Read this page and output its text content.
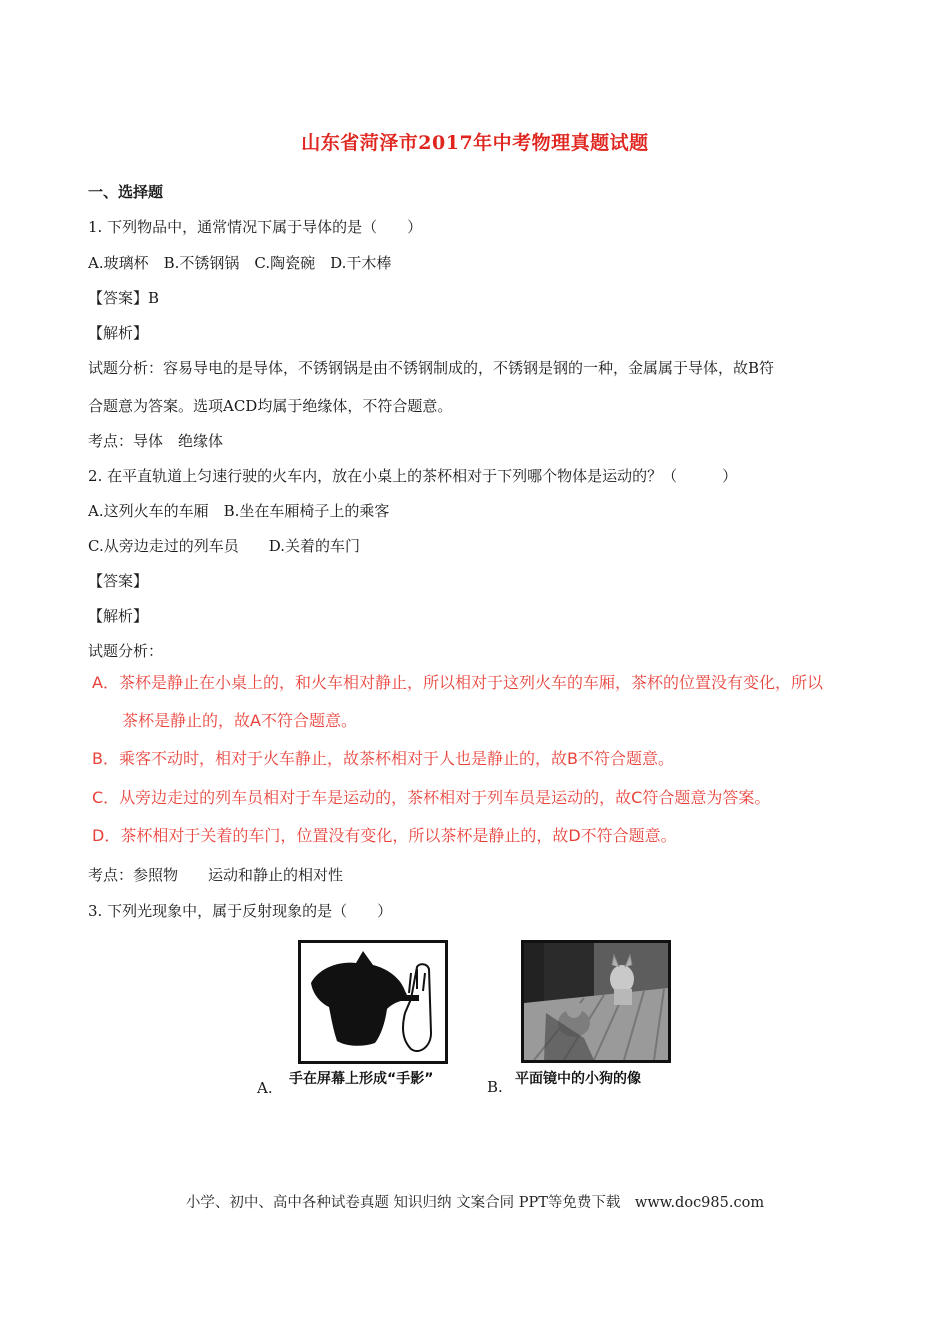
山东省菏泽市2017年中考物理真题试题
一、选择题
1. 下列物品中，通常情况下属于导体的是（　　）
A.玻璃杯　B.不锈钢锅　C.陶瓷碗　D.干木棒
【答案】B
【解析】
试题分析：容易导电的是导体，不锈钢锅是由不锈钢制成的，不锈钢是钢的一种，金属属于导体，故B符
合题意为答案。选项ACD均属于绝缘体，不符合题意。
考点：导体　绝缘体
2. 在平直轨道上匀速行驶的火车内，放在小桌上的茶杯相对于下列哪个物体是运动的？（　　　）
A.这列火车的车厢　B.坐在车厢椅子上的乘客
C.从旁边走过的列车员　　D.关着的车门
【答案】
【解析】
试题分析：
A．茶杯是静止在小桌上的，和火车相对静止，所以相对于这列火车的车厢，茶杯的位置没有变化，所以
茶杯是静止的，故A不符合题意。
B．乘客不动时，相对于火车静止，故茶杯相对于人也是静止的，故B不符合题意。
C．从旁边走过的列车员相对于车是运动的，茶杯相对于列车员是运动的，故C符合题意为答案。
D．茶杯相对于关着的车门，位置没有变化，所以茶杯是静止的，故D不符合题意。
考点：参照物　　运动和静止的相对性
3. 下列光现象中，属于反射现象的是（　　）
A. 手在屏幕上形成“手影”	B. 平面镜中的小狗的像
小学、初中、高中各种试卷真题 知识归纳 文案合同 PPT等免费下载　www.doc985.com
